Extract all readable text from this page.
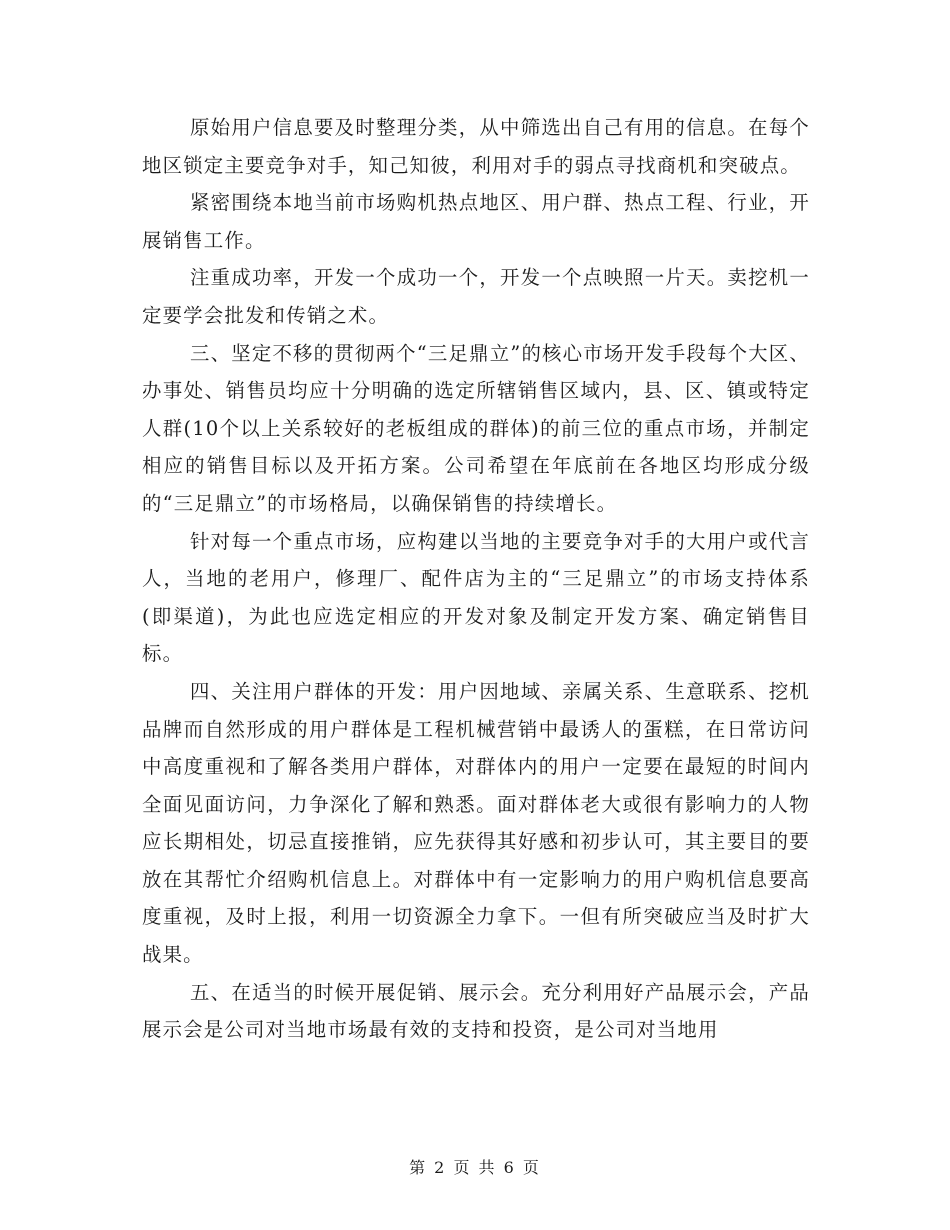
原始用户信息要及时整理分类，从中筛选出自己有用的信息。在每个地区锁定主要竞争对手，知己知彼，利用对手的弱点寻找商机和突破点。

紧密围绕本地当前市场购机热点地区、用户群、热点工程、行业，开展销售工作。

注重成功率，开发一个成功一个，开发一个点映照一片天。卖挖机一定要学会批发和传销之术。

三、坚定不移的贯彻两个“三足鼎立”的核心市场开发手段每个大区、办事处、销售员均应十分明确的选定所辖销售区域内，县、区、镇或特定人群(10个以上关系较好的老板组成的群体)的前三位的重点市场，并制定相应的销售目标以及开拓方案。公司希望在年底前在各地区均形成分级的“三足鼎立”的市场格局，以确保销售的持续增长。

针对每一个重点市场，应构建以当地的主要竞争对手的大用户或代言人，当地的老用户，修理厂、配件店为主的“三足鼎立”的市场支持体系(即渠道)，为此也应选定相应的开发对象及制定开发方案、确定销售目标。

四、关注用户群体的开发：用户因地域、亲属关系、生意联系、挖机品牌而自然形成的用户群体是工程机械营销中最诱人的蛋糕，在日常访问中高度重视和了解各类用户群体，对群体内的用户一定要在最短的时间内全面见面访问，力争深化了解和熟悉。面对群体老大或很有影响力的人物应长期相处，切忌直接推销，应先获得其好感和初步认可，其主要目的要放在其帮忙介绍购机信息上。对群体中有一定影响力的用户购机信息要高度重视，及时上报，利用一切资源全力拿下。一但有所突破应当及时扩大战果。

五、在适当的时候开展促销、展示会。充分利用好产品展示会，产品展示会是公司对当地市场最有效的支持和投资，是公司对当地用

第 2 页 共 6 页
